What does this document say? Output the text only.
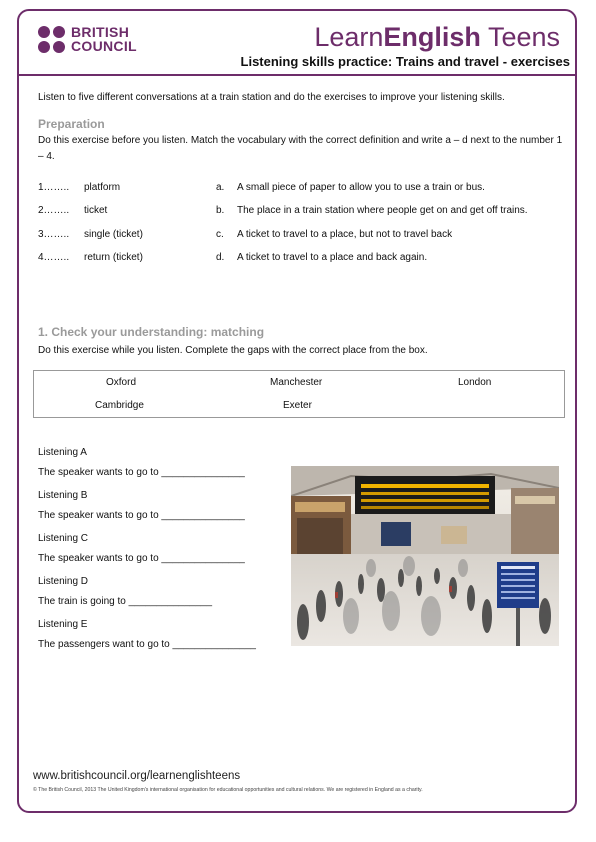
BRITISH
COUNCIL	LearnEnglish Teens
Listening skills practice: Trains and travel - exercises
Listen to five different conversations at a train station and do the exercises to improve your listening skills.
Preparation
Do this exercise before you listen. Match the vocabulary with the correct definition and write a – d next to the number 1 – 4.
1…….. platform	a. A small piece of paper to allow you to use a train or bus.
2…….. ticket	b. The place in a train station where people get on and get off trains.
3…….. single (ticket)	c. A ticket to travel to a place, but not to travel back
4…….. return (ticket)	d. A ticket to travel to a place and back again.
1. Check your understanding: matching
Do this exercise while you listen. Complete the gaps with the correct place from the box.
Oxford	Manchester	London
Cambridge	Exeter
Listening A
The speaker wants to go to _______________
Listening B
The speaker wants to go to _______________
Listening C
The speaker wants to go to _______________
Listening D
The train is going to _______________
Listening E
The passengers want to go to _______________
www.britishcouncil.org/learnenglishteens
© The British Council, 2013 The United Kingdom's international organisation for educational opportunities and cultural relations. We are registered in England as a charity.
